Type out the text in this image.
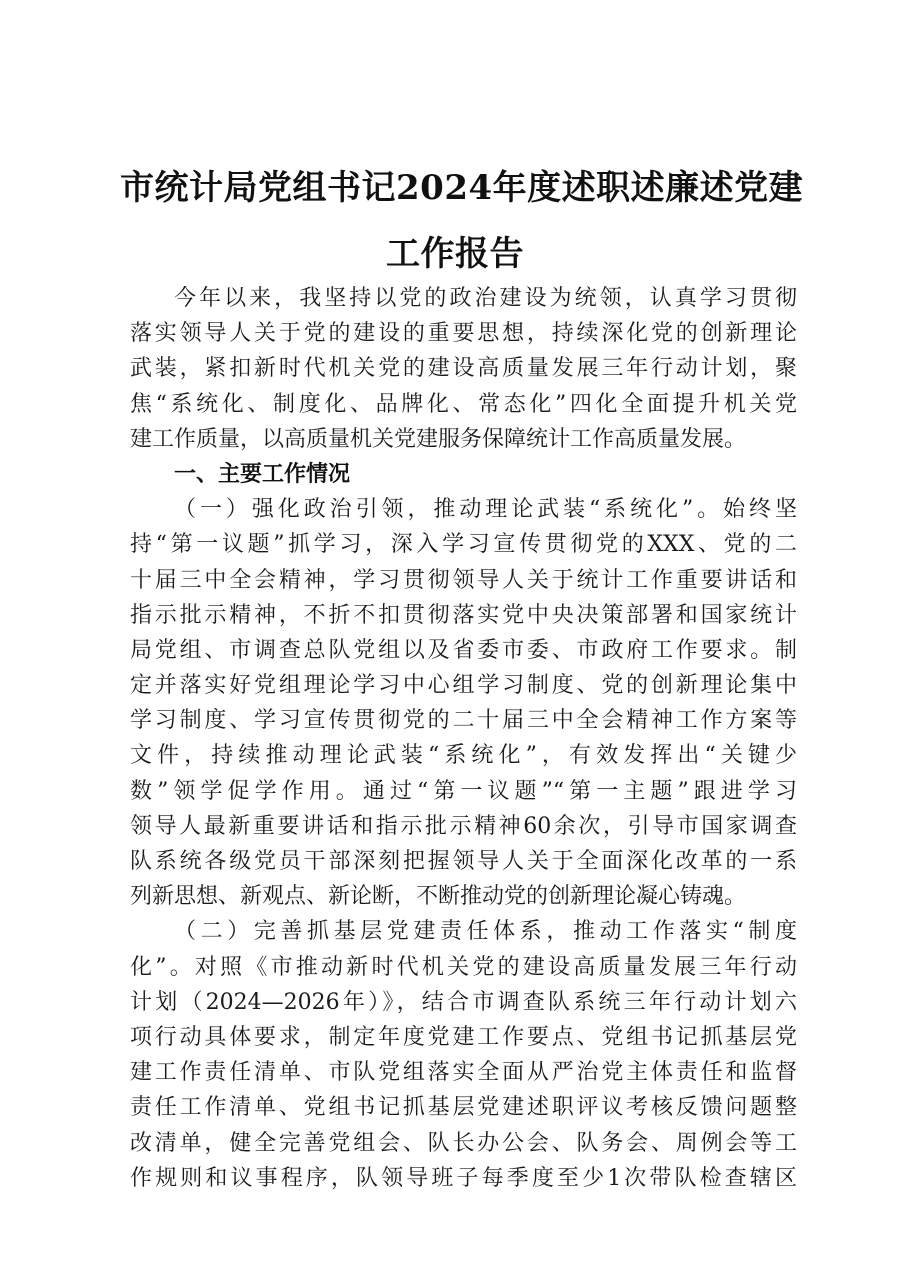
市统计局党组书记2024年度述职述廉述党建
工作报告
今年以来，我坚持以党的政治建设为统领，认真学习贯彻
落实领导人关于党的建设的重要思想，持续深化党的创新理论
武装，紧扣新时代机关党的建设高质量发展三年行动计划，聚
焦“系统化、制度化、品牌化、常态化”四化全面提升机关党
建工作质量，以高质量机关党建服务保障统计工作高质量发展。
一、主要工作情况
（一）强化政治引领，推动理论武装“系统化”。始终坚
持“第一议题”抓学习，深入学习宣传贯彻党的XXX、党的二
十届三中全会精神，学习贯彻领导人关于统计工作重要讲话和
指示批示精神，不折不扣贯彻落实党中央决策部署和国家统计
局党组、市调查总队党组以及省委市委、市政府工作要求。制
定并落实好党组理论学习中心组学习制度、党的创新理论集中
学习制度、学习宣传贯彻党的二十届三中全会精神工作方案等
文件，持续推动理论武装“系统化”，有效发挥出“关键少
数”领学促学作用。通过“第一议题”“第一主题”跟进学习
领导人最新重要讲话和指示批示精神60余次，引导市国家调查
队系统各级党员干部深刻把握领导人关于全面深化改革的一系
列新思想、新观点、新论断，不断推动党的创新理论凝心铸魂。
（二）完善抓基层党建责任体系，推动工作落实“制度
化”。对照《市推动新时代机关党的建设高质量发展三年行动
计划（2024—2026年）》，结合市调查队系统三年行动计划六
项行动具体要求，制定年度党建工作要点、党组书记抓基层党
建工作责任清单、市队党组落实全面从严治党主体责任和监督
责任工作清单、党组书记抓基层党建述职评议考核反馈问题整
改清单，健全完善党组会、队长办公会、队务会、周例会等工
作规则和议事程序，队领导班子每季度至少1次带队检查辖区
